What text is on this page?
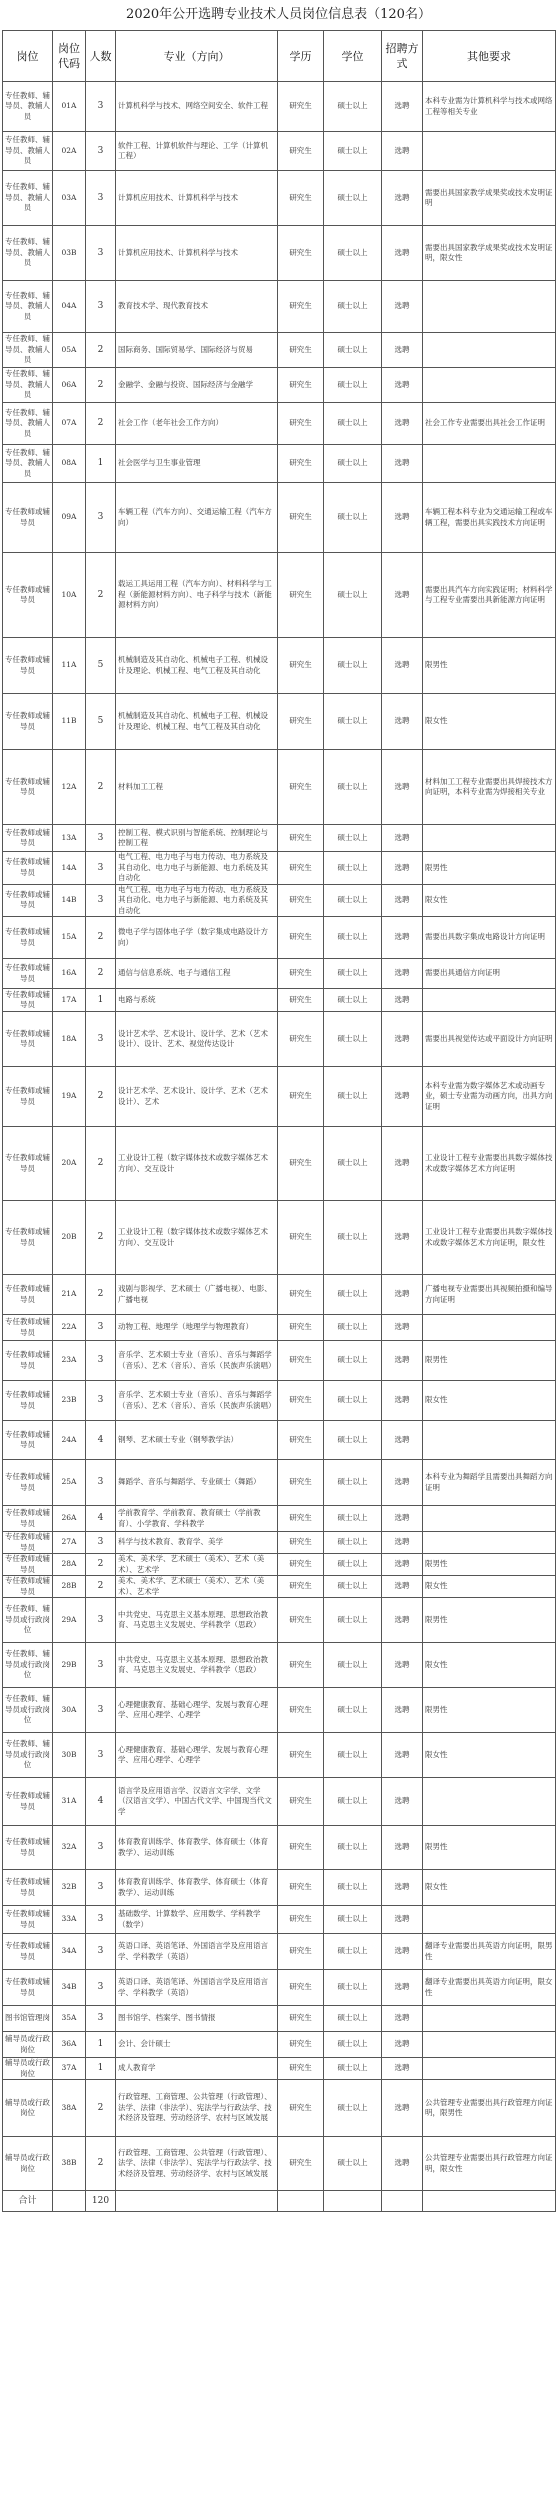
2020年公开选聘专业技术人员岗位信息表（120名）
岗位	岗位代码	人数	专业（方向）	学历	学位	招聘方式	其他要求
专任教师、辅导员、教辅人员	01A	3	计算机科学与技术、网络空间安全、软件工程	研究生	硕士以上	选聘	本科专业需为计算机科学与技术或网络工程等相关专业
专任教师、辅导员、教辅人员	02A	3	软件工程、计算机软件与理论、工学（计算机工程）	研究生	硕士以上	选聘	
专任教师、辅导员、教辅人员	03A	3	计算机应用技术、计算机科学与技术	研究生	硕士以上	选聘	需要出具国家教学成果奖或技术发明证明
专任教师、辅导员、教辅人员	03B	3	计算机应用技术、计算机科学与技术	研究生	硕士以上	选聘	需要出具国家教学成果奖或技术发明证明，限女性
专任教师、辅导员、教辅人员	04A	3	教育技术学、现代教育技术	研究生	硕士以上	选聘	
专任教师、辅导员、教辅人员	05A	2	国际商务、国际贸易学、国际经济与贸易	研究生	硕士以上	选聘	
专任教师、辅导员、教辅人员	06A	2	金融学、金融与投资、国际经济与金融学	研究生	硕士以上	选聘	
专任教师、辅导员、教辅人员	07A	2	社会工作（老年社会工作方向）	研究生	硕士以上	选聘	社会工作专业需要出具社会工作证明
专任教师、辅导员、教辅人员	08A	1	社会医学与卫生事业管理	研究生	硕士以上	选聘	
专任教师或辅导员	09A	3	车辆工程（汽车方向）、交通运输工程（汽车方向）	研究生	硕士以上	选聘	车辆工程本科专业为交通运输工程或车辆工程，需要出具实践技术方向证明
专任教师或辅导员	10A	2	载运工具运用工程（汽车方向）、材料科学与工程（新能源材料方向）、电子科学与技术（新能源材料方向）	研究生	硕士以上	选聘	需要出具汽车方向实践证明；材料科学与工程专业需要出具新能源方向证明
专任教师或辅导员	11A	5	机械制造及其自动化、机械电子工程、机械设计及理论、机械工程、电气工程及其自动化	研究生	硕士以上	选聘	限男性
专任教师或辅导员	11B	5	机械制造及其自动化、机械电子工程、机械设计及理论、机械工程、电气工程及其自动化	研究生	硕士以上	选聘	限女性
专任教师或辅导员	12A	2	材料加工工程	研究生	硕士以上	选聘	材料加工工程专业需要出具焊接技术方向证明，本科专业需为焊接相关专业
专任教师或辅导员	13A	3	控制工程、模式识别与智能系统、控制理论与控制工程	研究生	硕士以上	选聘	
专任教师或辅导员	14A	3	电气工程、电力电子与电力传动、电力系统及其自动化、电力电子与新能源、电力系统及其自动化	研究生	硕士以上	选聘	限男性
专任教师或辅导员	14B	3	电气工程、电力电子与电力传动、电力系统及其自动化、电力电子与新能源、电力系统及其自动化	研究生	硕士以上	选聘	限女性
专任教师或辅导员	15A	2	微电子学与固体电子学（数字集成电路设计方向）	研究生	硕士以上	选聘	需要出具数字集成电路设计方向证明
专任教师或辅导员	16A	2	通信与信息系统、电子与通信工程	研究生	硕士以上	选聘	需要出具通信方向证明
专任教师或辅导员	17A	1	电路与系统	研究生	硕士以上	选聘	
专任教师或辅导员	18A	3	设计艺术学、艺术设计、设计学、艺术（艺术设计）、设计、艺术、视觉传达设计	研究生	硕士以上	选聘	需要出具视觉传达或平面设计方向证明
专任教师或辅导员	19A	2	设计艺术学、艺术设计、设计学、艺术（艺术设计）、艺术	研究生	硕士以上	选聘	本科专业需为数字媒体艺术或动画专业，硕士专业需为动画方向，出具方向证明
专任教师或辅导员	20A	2	工业设计工程（数字媒体技术或数字媒体艺术方向）、交互设计	研究生	硕士以上	选聘	工业设计工程专业需要出具数字媒体技术或数字媒体艺术方向证明
专任教师或辅导员	20B	2	工业设计工程（数字媒体技术或数字媒体艺术方向）、交互设计	研究生	硕士以上	选聘	工业设计工程专业需要出具数字媒体技术或数字媒体艺术方向证明，限女性
专任教师或辅导员	21A	2	戏剧与影视学、艺术硕士（广播电视）、电影、广播电视	研究生	硕士以上	选聘	广播电视专业需要出具视频拍摄和编导方向证明
专任教师或辅导员	22A	3	动物工程、地理学（地理学与物理教育）	研究生	硕士以上	选聘	
专任教师或辅导员	23A	3	音乐学、艺术硕士专业（音乐）、音乐与舞蹈学（音乐）、艺术（音乐）、音乐（民族声乐演唱）	研究生	硕士以上	选聘	限男性
专任教师或辅导员	23B	3	音乐学、艺术硕士专业（音乐）、音乐与舞蹈学（音乐）、艺术（音乐）、音乐（民族声乐演唱）	研究生	硕士以上	选聘	限女性
专任教师或辅导员	24A	4	钢琴、艺术硕士专业（钢琴教学法）	研究生	硕士以上	选聘	
专任教师或辅导员	25A	3	舞蹈学、音乐与舞蹈学、专业硕士（舞蹈）	研究生	硕士以上	选聘	本科专业为舞蹈学且需要出具舞蹈方向证明
专任教师或辅导员	26A	4	学前教育学、学前教育、教育硕士（学前教育）、小学教育、学科教学	研究生	硕士以上	选聘	
专任教师或辅导员	27A	3	科学与技术教育、教育学、美学	研究生	硕士以上	选聘	
专任教师或辅导员	28A	2	美术、美术学、艺术硕士（美术）、艺术（美术）、艺术学	研究生	硕士以上	选聘	限男性
专任教师或辅导员	28B	2	美术、美术学、艺术硕士（美术）、艺术（美术）、艺术学	研究生	硕士以上	选聘	限女性
专任教师、辅导员或行政岗位	29A	3	中共党史、马克思主义基本原理、思想政治教育、马克思主义发展史、学科教学（思政）	研究生	硕士以上	选聘	限男性
专任教师、辅导员或行政岗位	29B	3	中共党史、马克思主义基本原理、思想政治教育、马克思主义发展史、学科教学（思政）	研究生	硕士以上	选聘	限女性
专任教师、辅导员或行政岗位	30A	3	心理健康教育、基础心理学、发展与教育心理学、应用心理学、心理学	研究生	硕士以上	选聘	限男性
专任教师、辅导员或行政岗位	30B	3	心理健康教育、基础心理学、发展与教育心理学、应用心理学、心理学	研究生	硕士以上	选聘	限女性
专任教师或辅导员	31A	4	语言学及应用语言学、汉语言文字学、文学（汉语言文学）、中国古代文学、中国现当代文学	研究生	硕士以上	选聘	
专任教师或辅导员	32A	3	体育教育训练学、体育教学、体育硕士（体育教学）、运动训练	研究生	硕士以上	选聘	限男性
专任教师或辅导员	32B	3	体育教育训练学、体育教学、体育硕士（体育教学）、运动训练	研究生	硕士以上	选聘	限女性
专任教师或辅导员	33A	3	基础数学、计算数学、应用数学、学科教学（数学）	研究生	硕士以上	选聘	
专任教师或辅导员	34A	3	英语口译、英语笔译、外国语言学及应用语言学、学科教学（英语）	研究生	硕士以上	选聘	翻译专业需要出具英语方向证明，限男性
专任教师或辅导员	34B	3	英语口译、英语笔译、外国语言学及应用语言学、学科教学（英语）	研究生	硕士以上	选聘	翻译专业需要出具英语方向证明，限女性
图书馆管理岗	35A	3	图书馆学、档案学、图书情报	研究生	硕士以上	选聘	
辅导员或行政岗位	36A	1	会计、会计硕士	研究生	硕士以上	选聘	
辅导员或行政岗位	37A	1	成人教育学	研究生	硕士以上	选聘	
辅导员或行政岗位	38A	2	行政管理、工商管理、公共管理（行政管理）、法学、法律（非法学）、宪法学与行政法学、技术经济及管理、劳动经济学、农村与区域发展	研究生	硕士以上	选聘	公共管理专业需要出具行政管理方向证明，限男性
辅导员或行政岗位	38B	2	行政管理、工商管理、公共管理（行政管理）、法学、法律（非法学）、宪法学与行政法学、技术经济及管理、劳动经济学、农村与区域发展	研究生	硕士以上	选聘	公共管理专业需要出具行政管理方向证明，限女性
合计		120					
